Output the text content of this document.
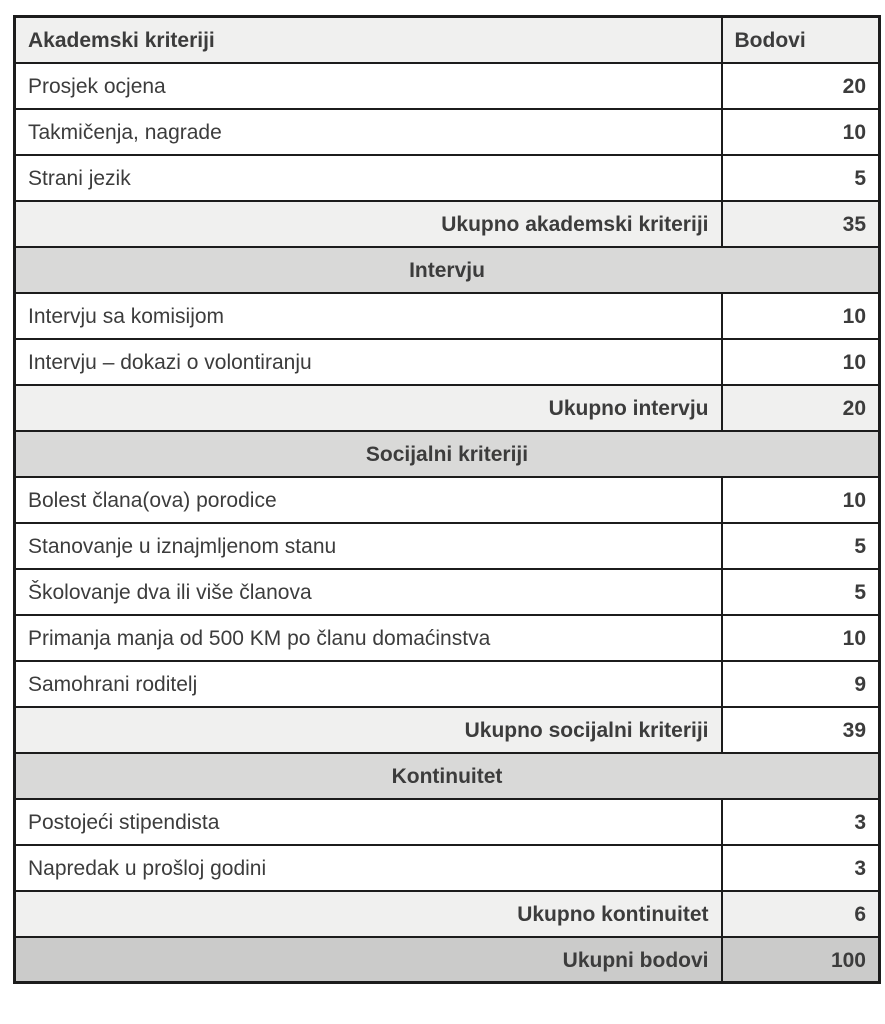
Akademski kriteriji	Bodovi
Prosjek ocjena	20
Takmičenja, nagrade	10
Strani jezik	5
Ukupno akademski kriteriji	35
Intervju	
Intervju sa komisijom	10
Intervju – dokazi o volontiranju	10
Ukupno intervju	20
Socijalni kriteriji	
Bolest člana(ova) porodice	10
Stanovanje u iznajmljenom stanu	5
Školovanje dva ili više članova	5
Primanja manja od 500 KM po članu domaćinstva	10
Samohrani roditelj	9
Ukupno socijalni kriteriji	39
Kontinuitet	
Postojeći stipendista	3
Napredak u prošloj godini	3
Ukupno kontinuitet	6
Ukupni bodovi	100
